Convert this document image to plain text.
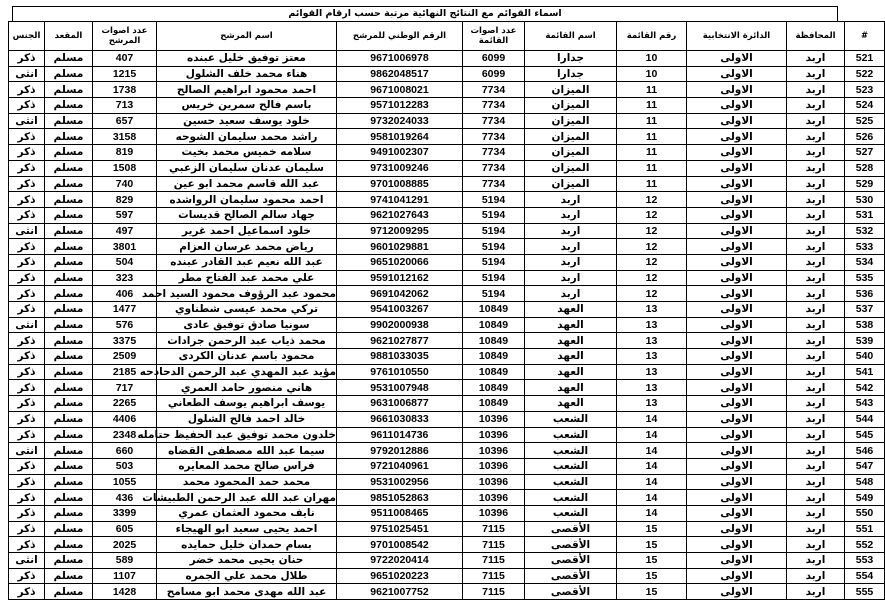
اسماء القوائم مع النتائج النهائية مرتبة حسب ارقام القوائم
#	المحافظة	الدائرة الانتخابية	رقم القائمة	اسم القائمة	عدد اصوات القائمة	الرقم الوطني للمرشح	اسم المرشح	عدد اصوات المرشح	المقعد	الجنس
521	اربد	الاولى	10	جدارا	6099	9671006978	معتز توفيق خليل عبنده	407	مسلم	ذكر
522	اربد	الاولى	10	جدارا	6099	9862048517	هناء محمد خلف الشلول	1215	مسلم	انثى
523	اربد	الاولى	11	الميزان	7734	9671008021	احمد محمود ابراهيم الصالح	1738	مسلم	ذكر
524	اربد	الاولى	11	الميزان	7734	9571012283	باسم فالح سمرين خريس	713	مسلم	ذكر
525	اربد	الاولى	11	الميزان	7734	9732024033	خلود يوسف سعيد حسين	657	مسلم	انثى
526	اربد	الاولى	11	الميزان	7734	9581019264	راشد محمد سليمان الشوحه	3158	مسلم	ذكر
527	اربد	الاولى	11	الميزان	7734	9491002307	سلامه خميس محمد بخيت	819	مسلم	ذكر
528	اربد	الاولى	11	الميزان	7734	9731009246	سليمان عدنان سليمان الزعبي	1508	مسلم	ذكر
529	اربد	الاولى	11	الميزان	7734	9701008885	عبد الله قاسم محمد ابو عين	740	مسلم	ذكر
530	اربد	الاولى	12	اربد	5194	9741041291	احمد محمود سليمان الرواشده	829	مسلم	ذكر
531	اربد	الاولى	12	اربد	5194	9621027643	جهاد سالم الصالح قديسات	597	مسلم	ذكر
532	اربد	الاولى	12	اربد	5194	9712009295	خلود اسماعيل احمد غرير	497	مسلم	انثى
533	اربد	الاولى	12	اربد	5194	9601029881	رياض محمد عرسان العزام	3801	مسلم	ذكر
534	اربد	الاولى	12	اربد	5194	9651020066	عبد الله نعيم عبد القادر عبنده	504	مسلم	ذكر
535	اربد	الاولى	12	اربد	5194	9591012162	علي محمد عبد الفتاح مطر	323	مسلم	ذكر
536	اربد	الاولى	12	اربد	5194	9691042062	محمود عبد الرؤوف محمود السيد احمد	406	مسلم	ذكر
537	اربد	الاولى	13	العهد	10849	9541003267	تركي محمد عيسى شطناوي	1477	مسلم	ذكر
538	اربد	الاولى	13	العهد	10849	9902000938	سونيا صادق توفيق عادى	576	مسلم	انثى
539	اربد	الاولى	13	العهد	10849	9621027877	محمد ذياب عبد الرحمن جرادات	3375	مسلم	ذكر
540	اربد	الاولى	13	العهد	10849	9881033035	محمود باسم عدنان الكردى	2509	مسلم	ذكر
541	اربد	الاولى	13	العهد	10849	9761010550	مؤيد عبد المهدي عبد الرحمن الدحادحه	2185	مسلم	ذكر
542	اربد	الاولى	13	العهد	10849	9531007948	هاني منصور حامد العمري	717	مسلم	ذكر
543	اربد	الاولى	13	العهد	10849	9631006877	يوسف ابراهيم يوسف الطعاني	2265	مسلم	ذكر
544	اربد	الاولى	14	الشعب	10396	9661030833	خالد احمد فالح الشلول	4406	مسلم	ذكر
545	اربد	الاولى	14	الشعب	10396	9611014736	خلدون محمد توفيق عبد الحفيظ حتامله	2348	مسلم	ذكر
546	اربد	الاولى	14	الشعب	10396	9792012886	سيما عبد الله مصطفى القضاه	660	مسلم	انثى
547	اربد	الاولى	14	الشعب	10396	9721040961	فراس صالح محمد المعايره	503	مسلم	ذكر
548	اربد	الاولى	14	الشعب	10396	9531002956	محمد حمد المحمود محمد	1055	مسلم	ذكر
549	اربد	الاولى	14	الشعب	10396	9851052863	مهران عبد الله عبد الرحمن الطبيشات	436	مسلم	ذكر
550	اربد	الاولى	14	الشعب	10396	9511008465	نايف محمود العثمان عمري	3399	مسلم	ذكر
551	اربد	الاولى	15	الأقصى	7115	9751025451	احمد يحيى سعيد ابو الهيجاء	605	مسلم	ذكر
552	اربد	الاولى	15	الأقصى	7115	9701008542	بسام حمدان خليل حمايده	2025	مسلم	ذكر
553	اربد	الاولى	15	الأقصى	7115	9722020414	حنان يحيى محمد خضر	589	مسلم	انثى
554	اربد	الاولى	15	الأقصى	7115	9651020223	طلال محمد علي الجمره	1107	مسلم	ذكر
555	اربد	الاولى	15	الأقصى	7115	9621007752	عبد الله مهدى محمد ابو مسامح	1428	مسلم	ذكر
